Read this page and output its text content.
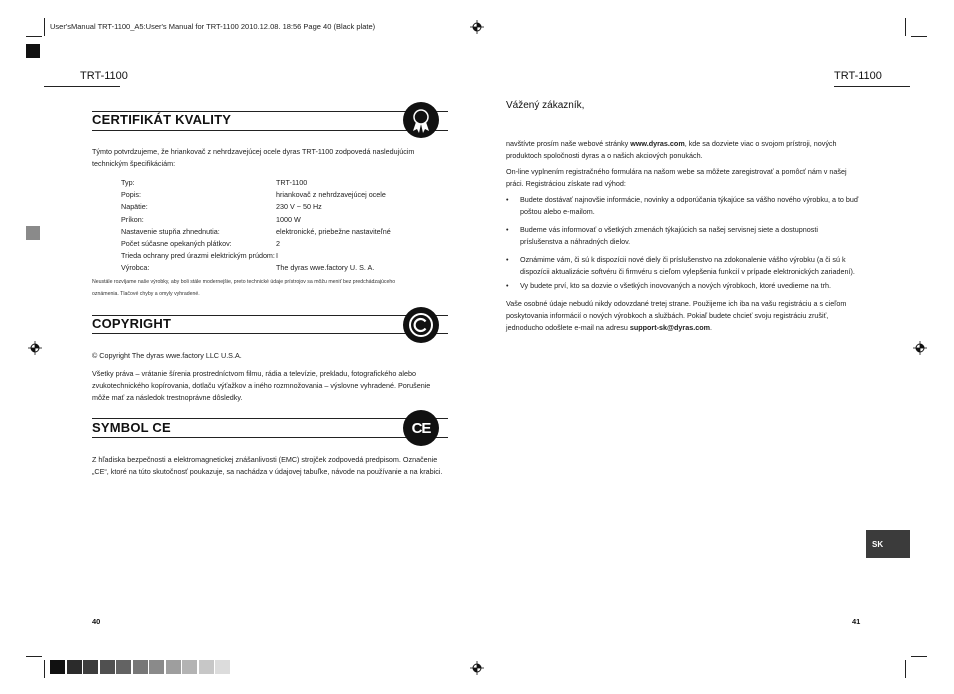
User'sManual TRT-1100_A5:User's Manual for TRT-1100 2010.12.08. 18:56 Page 40 (Black plate)
TRT-1100
CERTIFIKÁT KVALITY
Týmto potvrdzujeme, že hriankovač z nehrdzavejúcej ocele dyras TRT-1100 zodpovedá nasledujúcim technickým špecifikáciám:
Typ:	TRT-1100
Popis:	hriankovač z nehrdzavejúcej ocele
Napätie:	230 V ~ 50 Hz
Príkon:	1000 W
Nastavenie stupňa zhnednutia:	elektronické, priebežne nastaviteľné
Počet súčasne opekaných plátkov:	2
Trieda ochrany pred úrazmi elektrickým prúdom: I
Výrobca:	The dyras wwe.factory U. S. A.
Neustále rozvíjame naše výrobky, aby boli stále modernejšie, preto technické údaje prístrojov sa môžu meniť bez predchádzajúceho
oznámenia. Tlačové chyby a omyly vyhradené.
COPYRIGHT
© Copyright The dyras wwe.factory LLC U.S.A.
Všetky práva – vrátanie šírenia prostredníctvom filmu, rádia a televízie, prekladu, fotografického alebo zvukotechnického kopírovania, dotlaču výťažkov a iného rozmnožovania – výslovne vyhradené. Porušenie môže mať za následok trestnoprávne dôsledky.
SYMBOL CE	CE
Z hľadiska bezpečnosti a elektromagnetickej znášanlivosti (EMC) strojček zodpovedá predpisom. Označenie „CE“, ktoré na túto skutočnosť poukazuje, sa nachádza v údajovej tabuľke, návode na používanie a na krabici.
40
TRT-1100
Vážený zákazník,
navštívte prosím naše webové stránky www.dyras.com, kde sa dozviete viac o svojom prístroji, nových produktoch spoločnosti dyras a o našich akciových ponukách.
On-line vyplnením registračného formulára na našom webe sa môžete zaregistrovať a pomôcť nám v našej práci. Registráciou získate rad výhod:
• Budete dostávať najnovšie informácie, novinky a odporúčania týkajúce sa vášho nového výrobku, a to buď poštou alebo e-mailom.
• Budeme vás informovať o všetkých zmenách týkajúcich sa našej servisnej siete a dostupnosti príslušenstva a náhradných dielov.
• Oznámime vám, či sú k dispozícii nové diely či príslušenstvo na zdokonalenie vášho výrobku (a či sú k dispozícii aktualizácie softvéru či firmvéru s cieľom vylepšenia funkcií v prípade elektronických zariadení).
• Vy budete prví, kto sa dozvie o všetkých inovovaných a nových výrobkoch, ktoré uvedieme na trh.
Vaše osobné údaje nebudú nikdy odovzdané tretej strane. Použijeme ich iba na vašu registráciu a s cieľom poskytovania informácií o nových výrobkoch a službách. Pokiaľ budete chcieť svoju registráciu zrušiť, jednoducho odošlete e-mail na adresu support-sk@dyras.com.
SK
41
